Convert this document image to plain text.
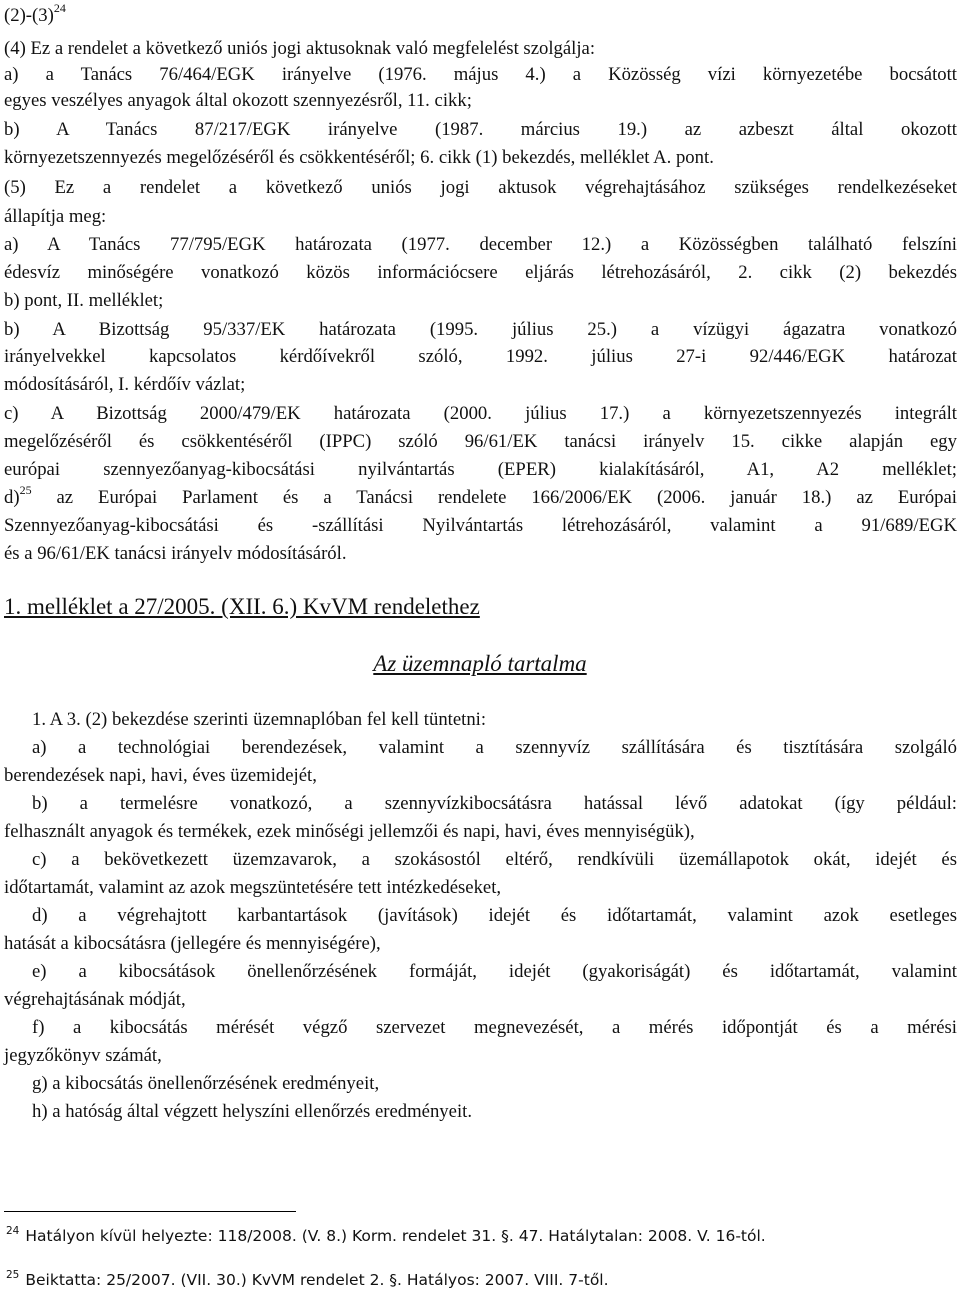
$(2)-(3)^{24}$
(4) Ez a rendelet a következő uniós jogi aktusoknak való megfelelést szolgálja:
a) a Tanács 76/464/EGK irányelve (1976. május 4.) a Közösség vízi környezetébe bocsátott
egyes veszélyes anyagok által okozott szennyezésről, 11. cikk;
b) A Tanács 87/217/EGK irányelve (1987. március 19.) az azbeszt által okozott
környezetszennyezés megelőzéséről és csökkentéséről; 6. cikk (1) bekezdés, melléklet A. pont.
(5) Ez a rendelet a következő uniós jogi aktusok végrehajtásához szükséges rendelkezéseket
állapítja meg:
a) A Tanács 77/795/EGK határozata (1977. december 12.) a Közösségben található felszíni
édesvíz minőségére vonatkozó közös információcsere eljárás létrehozásáról, 2. cikk (2) bekezdés
b) pont, II. melléklet;
b) A Bizottság 95/337/EK határozata (1995. július 25.) a vízügyi ágazatra vonatkozó
irányelvekkel kapcsolatos kérdőívekről szóló, 1992. július 27-i 92/446/EGK határozat
módosításáról, I. kérdőív vázlat;
c) A Bizottság 2000/479/EK határozata (2000. július 17.) a környezetszennyezés integrált
megelőzéséről és csökkentéséről (IPPC) szóló 96/61/EK tanácsi irányelv 15. cikke alapján egy
európai szennyezőanyag-kibocsátási nyilvántartás (EPER) kialakításáról, A1, A2 melléklet;
d)$^{25}$ az Európai Parlament és a Tanácsi rendelete 166/2006/EK (2006. január 18.) az Európai
Szennyezőanyag-kibocsátási és -szállítási Nyilvántartás létrehozásáról, valamint a 91/689/EGK
és a 96/61/EK tanácsi irányelv módosításáról.
1. melléklet a 27/2005. (XII. 6.) KvVM rendelethez
Az üzemnapló tartalma
1. A 3. (2) bekezdése szerinti üzemnaplóban fel kell tüntetni:
a) a technológiai berendezések, valamint a szennyvíz szállítására és tisztítására szolgáló
berendezések napi, havi, éves üzemidejét,
b) a termelésre vonatkozó, a szennyvízkibocsátásra hatással lévő adatokat (így például:
felhasznált anyagok és termékek, ezek minőségi jellemzői és napi, havi, éves mennyiségük),
c) a bekövetkezett üzemzavarok, a szokásostól eltérő, rendkívüli üzemállapotok okát, idejét és
időtartamát, valamint az azok megszüntetésére tett intézkedéseket,
d) a végrehajtott karbantartások (javítások) idejét és időtartamát, valamint azok esetleges
hatását a kibocsátásra (jellegére és mennyiségére),
e) a kibocsátások önellenőrzésének formáját, idejét (gyakoriságát) és időtartamát, valamint
végrehajtásának módját,
f) a kibocsátás mérését végző szervezet megnevezését, a mérés időpontját és a mérési
jegyzőkönyv számát,
g) a kibocsátás önellenőrzésének eredményeit,
h) a hatóság által végzett helyszíni ellenőrzés eredményeit.
$^{24}$ Hatályon kívül helyezte: 118/2008. (V. 8.) Korm. rendelet 31. §. 47. Hatálytalan: 2008. V. 16-tól.
$^{25}$ Beiktatta: 25/2007. (VII. 30.) KvVM rendelet 2. §. Hatályos: 2007. VIII. 7-től.
